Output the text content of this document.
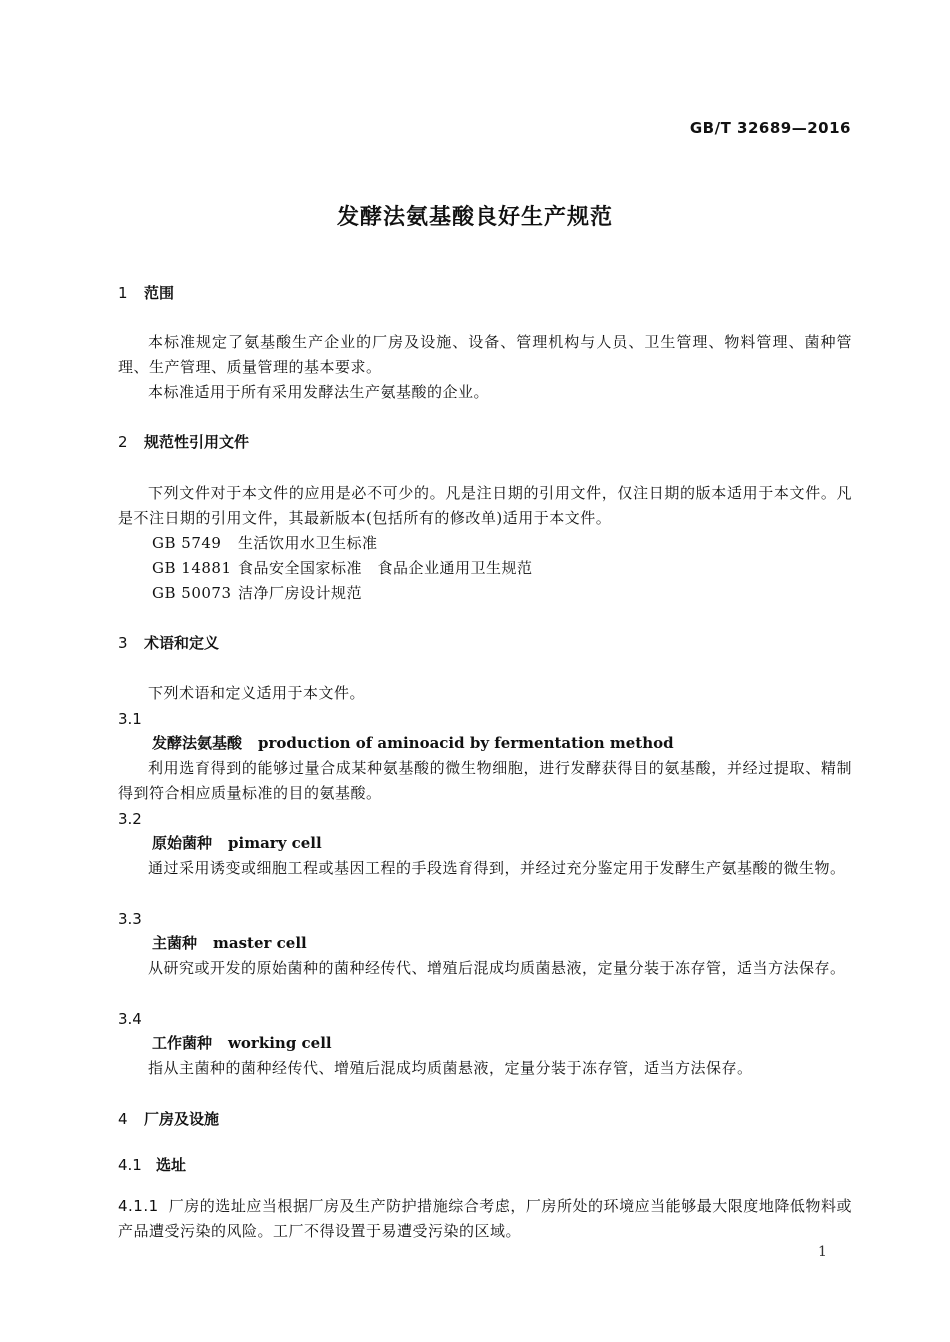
GB/T 32689—2016
发酵法氨基酸良好生产规范
1 范围
本标准规定了氨基酸生产企业的厂房及设施、设备、管理机构与人员、卫生管理、物料管理、菌种管理、生产管理、质量管理的基本要求。
本标准适用于所有采用发酵法生产氨基酸的企业。
2 规范性引用文件
下列文件对于本文件的应用是必不可少的。凡是注日期的引用文件，仅注日期的版本适用于本文件。凡是不注日期的引用文件，其最新版本(包括所有的修改单)适用于本文件。
GB 5749 生活饮用水卫生标准
GB 14881 食品安全国家标准　食品企业通用卫生规范
GB 50073 洁净厂房设计规范
3 术语和定义
下列术语和定义适用于本文件。
3.1
发酵法氨基酸 production of aminoacid by fermentation method
利用选育得到的能够过量合成某种氨基酸的微生物细胞，进行发酵获得目的氨基酸，并经过提取、精制得到符合相应质量标准的目的氨基酸。
3.2
原始菌种 pimary cell
通过采用诱变或细胞工程或基因工程的手段选育得到，并经过充分鉴定用于发酵生产氨基酸的微生物。
3.3
主菌种 master cell
从研究或开发的原始菌种的菌种经传代、增殖后混成均质菌悬液，定量分装于冻存管，适当方法保存。
3.4
工作菌种 working cell
指从主菌种的菌种经传代、增殖后混成均质菌悬液，定量分装于冻存管，适当方法保存。
4 厂房及设施
4.1 选址
4.1.1 厂房的选址应当根据厂房及生产防护措施综合考虑，厂房所处的环境应当能够最大限度地降低物料或产品遭受污染的风险。工厂不得设置于易遭受污染的区域。
1
